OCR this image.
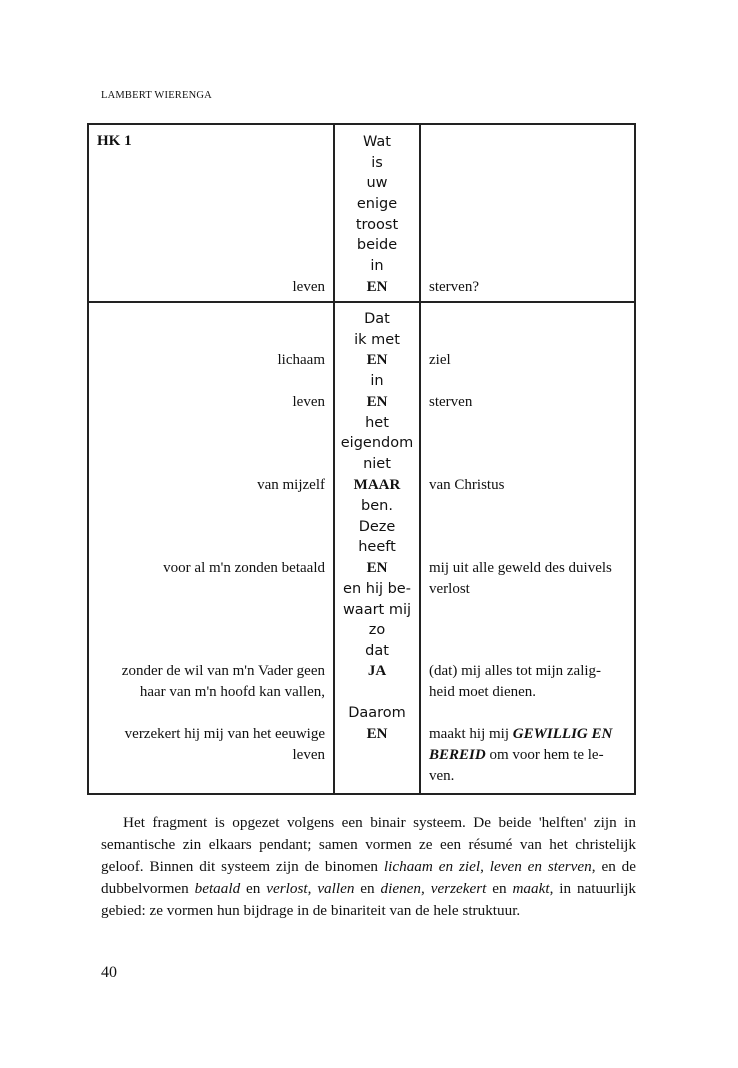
LAMBERT WIERENGA
HK 1
leven
Wat
is
uw
enige
troost
beide
in
EN	sterven?
lichaam
leven
van mijzelf
voor al m'n zonden betaald
zonder de wil van m'n Vader geen
haar van m'n hoofd kan vallen,
verzekert hij mij van het eeuwige
leven
Dat
ik met
EN
in
EN
het
eigendom
niet
MAAR
ben.
Deze
heeft
EN
en hij be-
waart mij
zo
dat
JA
Daarom
EN
ziel
sterven
van Christus
mij uit alle geweld des duivels
verlost
(dat) mij alles tot mijn zalig-
heid moet dienen.
maakt hij mij GEWILLIG EN
BEREID om voor hem te le-
ven.

Het fragment is opgezet volgens een binair systeem. De beide 'helften' zijn in semantische zin elkaars pendant; samen vormen ze een résumé van het christelijk geloof. Binnen dit systeem zijn de binomen lichaam en ziel, leven en sterven, en de dubbelvormen betaald en verlost, vallen en dienen, verzekert en maakt, in natuurlijk gebied: ze vormen hun bijdrage in de binariteit van de hele struktuur.

40
